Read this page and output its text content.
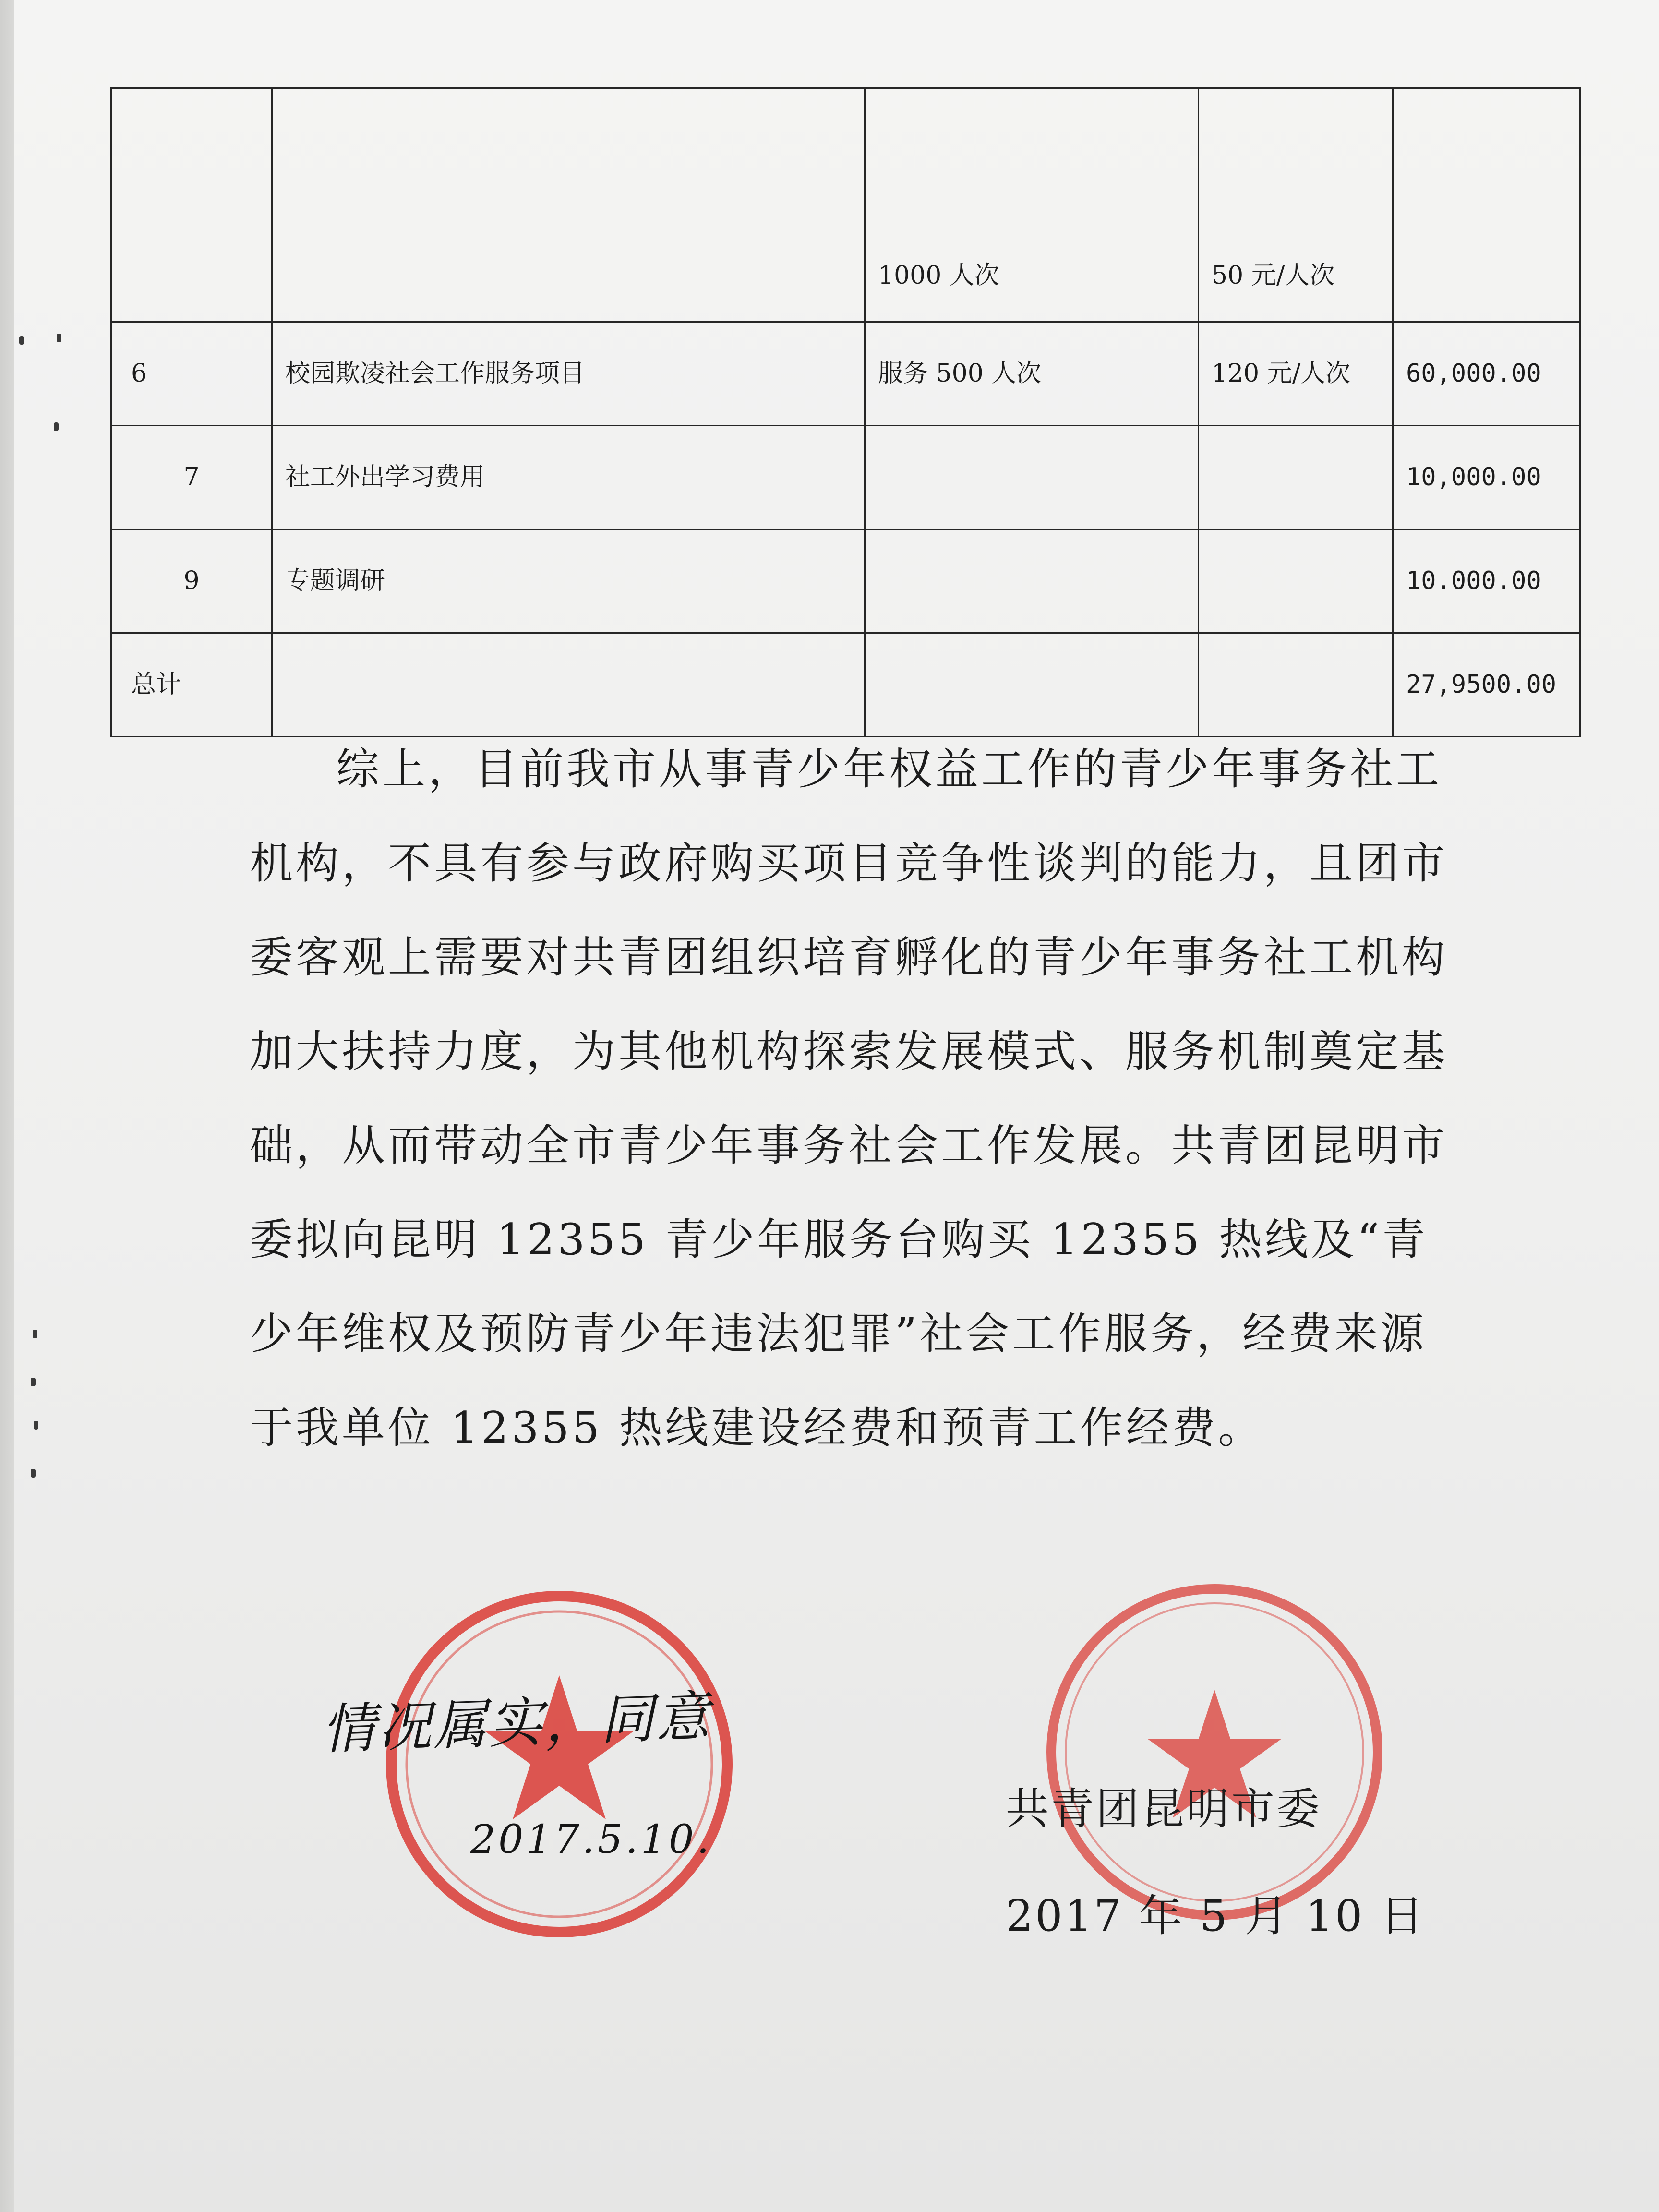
		1000 人次	50 元/人次	
6	校园欺凌社会工作服务项目	服务 500 人次	120 元/人次	60,000.00
7	社工外出学习费用			10,000.00
9	专题调研			10.000.00
总计				27,9500.00

综上，目前我市从事青少年权益工作的青少年事务社工机构，不具有参与政府购买项目竞争性谈判的能力，且团市委客观上需要对共青团组织培育孵化的青少年事务社工机构加大扶持力度，为其他机构探索发展模式、服务机制奠定基础，从而带动全市青少年事务社会工作发展。共青团昆明市委拟向昆明 12355 青少年服务台购买 12355 热线及“青少年维权及预防青少年违法犯罪”社会工作服务，经费来源于我单位 12355 热线建设经费和预青工作经费。

情况属实，同意
2017.5.10.
共青团昆明市委
2017 年 5 月 10 日
